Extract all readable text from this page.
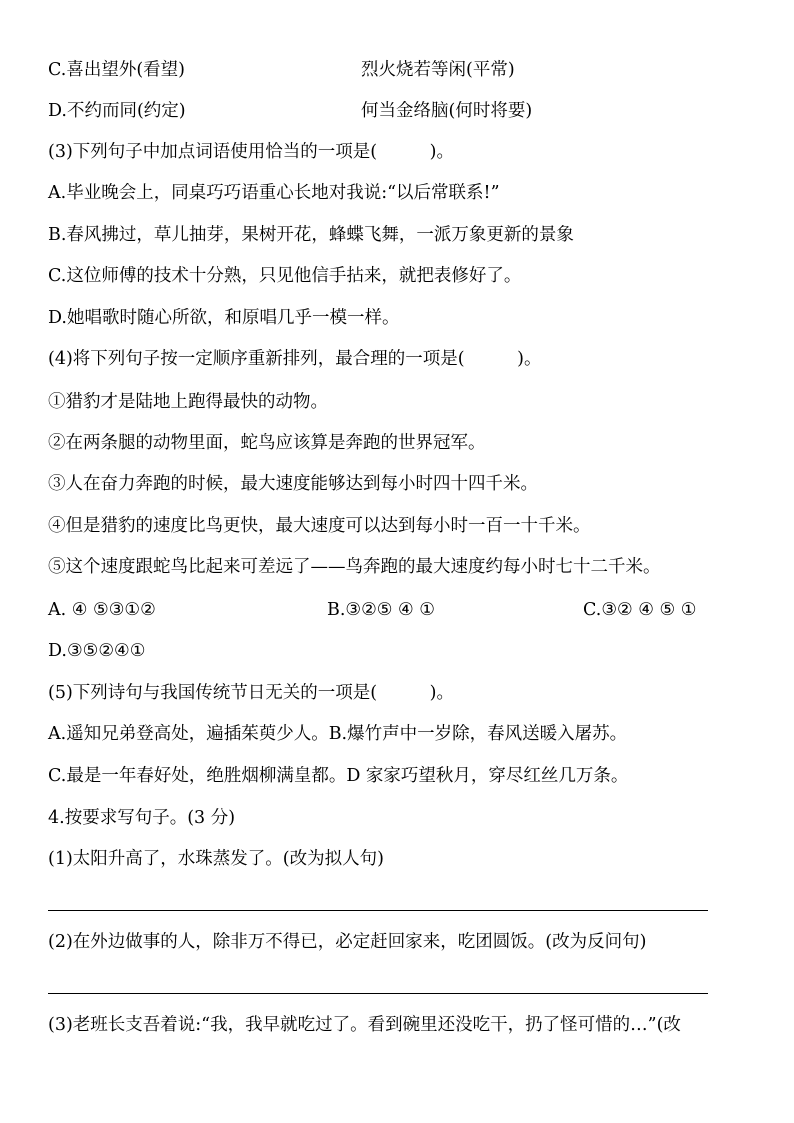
C.喜出望外(看望)	烈火烧若等闲(平常)
D.不约而同(约定)	何当金络脑(何时将要)
(3)下列句子中加点词语使用恰当的一项是(　　　)。
A.毕业晚会上，同桌巧巧语重心长地对我说:“以后常联系!”
B.春风拂过，草儿抽芽，果树开花，蜂蝶飞舞，一派万象更新的景象
C.这位师傅的技术十分熟，只见他信手拈来，就把表修好了。
D.她唱歌时随心所欲，和原唱几乎一模一样。
(4)将下列句子按一定顺序重新排列，最合理的一项是(　　　)。
①猎豹才是陆地上跑得最快的动物。
②在两条腿的动物里面，蛇鸟应该算是奔跑的世界冠军。
③人在奋力奔跑的时候，最大速度能够达到每小时四十四千米。
④但是猎豹的速度比鸟更快，最大速度可以达到每小时一百一十千米。
⑤这个速度跟蛇鸟比起来可差远了——鸟奔跑的最大速度约每小时七十二千米。
A. ④ ⑤③①②	B.③②⑤ ④ ①	C.③② ④ ⑤ ①
D.③⑤②④①
(5)下列诗句与我国传统节日无关的一项是(　　　)。
A.遥知兄弟登高处，遍插茱萸少人。B.爆竹声中一岁除，春风送暖入屠苏。
C.最是一年春好处，绝胜烟柳满皇都。D 家家巧望秋月，穿尽红丝几万条。
4.按要求写句子。(3 分)
(1)太阳升高了，水珠蒸发了。(改为拟人句)
(2)在外边做事的人，除非万不得已，必定赶回家来，吃团圆饭。(改为反问句)
(3)老班长支吾着说:“我，我早就吃过了。看到碗里还没吃干，扔了怪可惜的…”(改
